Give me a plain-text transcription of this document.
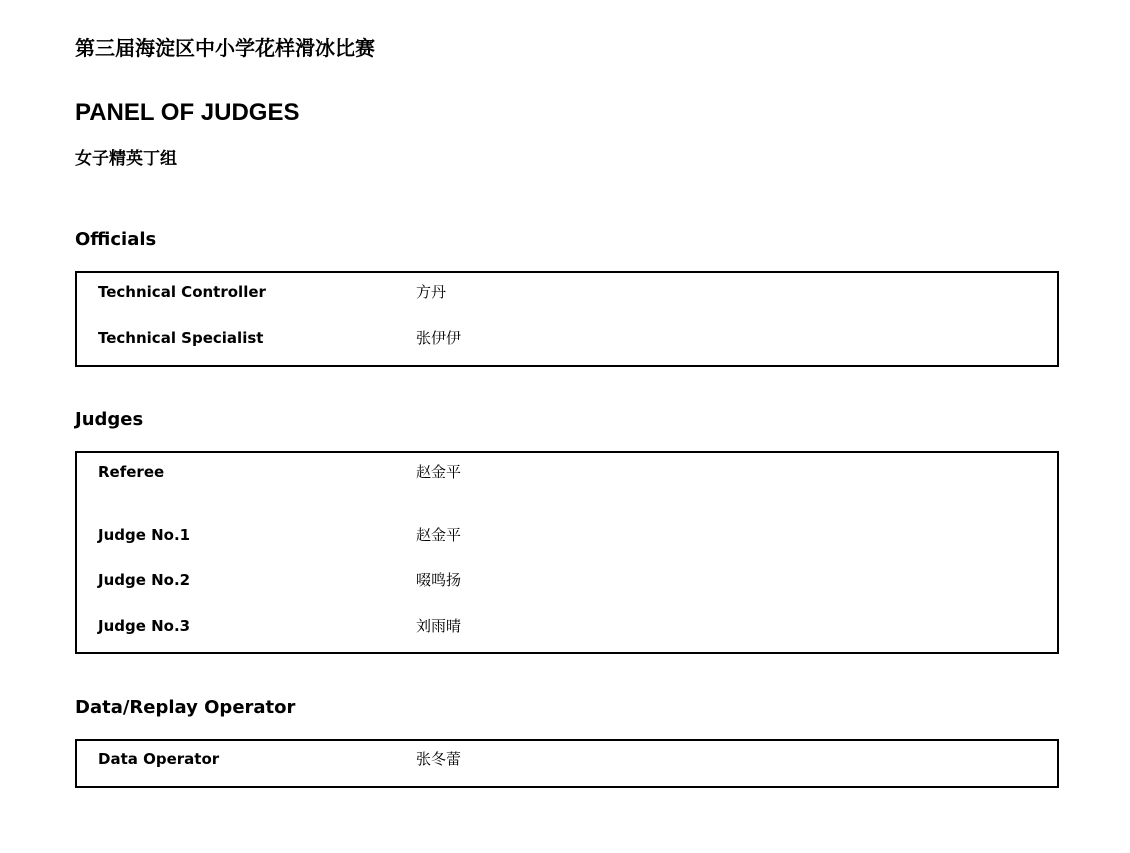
第三届海淀区中小学花样滑冰比赛
PANEL OF JUDGES
女子精英丁组
Officials
Technical Controller	方丹
Technical Specialist	张伊伊
Judges
Referee	赵金平
Judge No.1	赵金平
Judge No.2	啜鸣扬
Judge No.3	刘雨晴
Data/Replay Operator
Data Operator	张冬蕾
